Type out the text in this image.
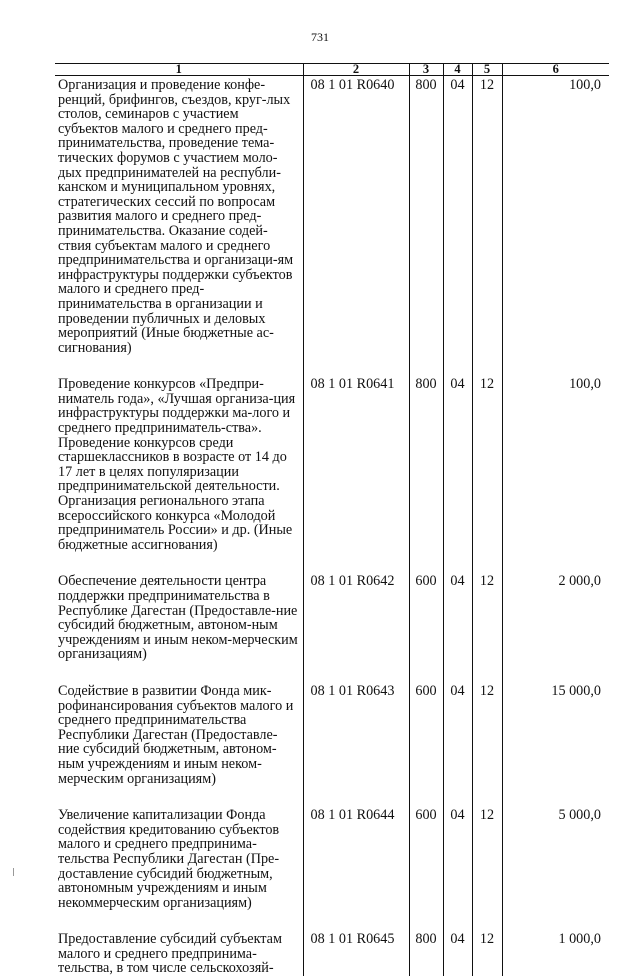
731
1	2	3	4	5	6
Организация и проведение конфе-ренций, брифингов, съездов, круг-лых столов, семинаров с участием субъектов малого и среднего пред-принимательства, проведение тема-тических форумов с участием моло-дых предпринимателей на республи-канском и муниципальном уровнях, стратегических сессий по вопросам развития малого и среднего пред-принимательства. Оказание содей-ствия субъектам малого и среднего предпринимательства и организаци-ям инфраструктуры поддержки субъектов малого и среднего пред-принимательства в организации и проведении публичных и деловых мероприятий (Иные бюджетные ас-сигнования)	08 1 01 R0640	800	04	12	100,0
Проведение конкурсов «Предпри-ниматель года», «Лучшая организа-ция инфраструктуры поддержки ма-лого и среднего предприниматель-ства». Проведение конкурсов среди старшеклассников в возрасте от 14 до 17 лет в целях популяризации предпринимательской деятельности. Организация регионального этапа всероссийского конкурса «Молодой предприниматель России» и др. (Иные бюджетные ассигнования)	08 1 01 R0641	800	04	12	100,0
Обеспечение деятельности центра поддержки предпринимательства в Республике Дагестан (Предоставле-ние субсидий бюджетным, автоном-ным учреждениям и иным неком-мерческим организациям)	08 1 01 R0642	600	04	12	2 000,0
Содействие в развитии Фонда мик-рофинансирования субъектов малого и среднего предпринимательства Республики Дагестан (Предоставле-ние субсидий бюджетным, автоном-ным учреждениям и иным неком-мерческим организациям)	08 1 01 R0643	600	04	12	15 000,0
Увеличение капитализации Фонда содействия кредитованию субъектов малого и среднего предпринима-тельства Республики Дагестан (Пре-доставление субсидий бюджетным, автономным учреждениям и иным некоммерческим организациям)	08 1 01 R0644	600	04	12	5 000,0
Предоставление субсидий субъектам малого и среднего предпринима-тельства, в том числе сельскохозяй-	08 1 01 R0645	800	04	12	1 000,0
